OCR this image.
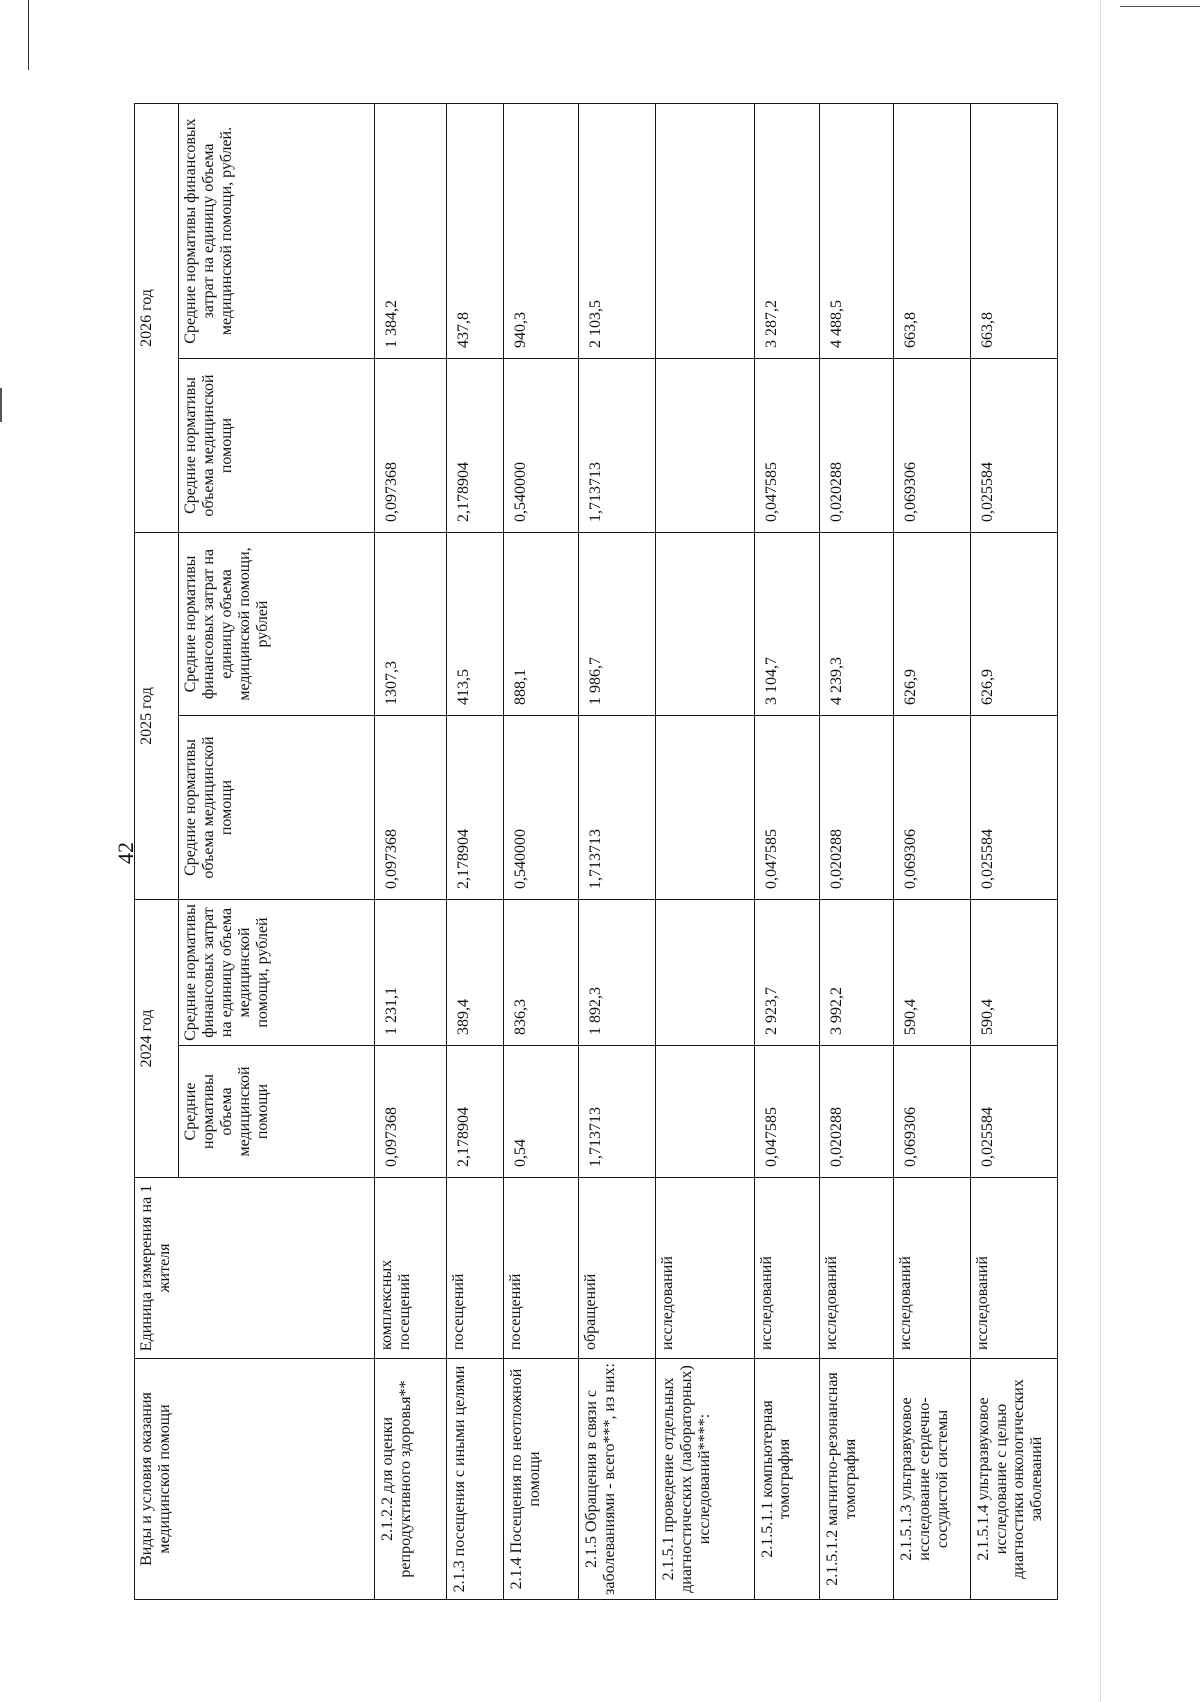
42
Виды и условия оказания медицинской помощи	Единица измерения на 1 жителя	2024 год		2025 год		2026 год	
		Средние нормативы объема медицинской помощи	Средние нормативы финансовых затрат на единицу объема медицинской помощи, рублей	Средние нормативы объема медицинской помощи	Средние нормативы финансовых затрат на единицу объема медицинской помощи, рублей	Средние нормативы объема медицинской помощи	Средние нормативы финансовых затрат на единицу объема медицинской помощи, рублей.
2.1.2.2 для оценки репродуктивного здоровья**	комплексных посещений	0,097368	1 231,1	0,097368	1307,3	0,097368	1 384,2
2.1.3 посещения с иными целями	посещений	2,178904	389,4	2,178904	413,5	2,178904	437,8
2.1.4 Посещения по неотложной помощи	посещений	0,54	836,3	0,540000	888,1	0,540000	940,3
2.1.5 Обращения в связи с заболеваниями - всего***, из них:	обращений	1,713713	1 892,3	1,713713	1 986,7	1,713713	2 103,5
2.1.5.1 проведение отдельных диагностических (лабораторных) исследований****:	исследований						
2.1.5.1.1 компьютерная томография	исследований	0,047585	2 923,7	0,047585	3 104,7	0,047585	3 287,2
2.1.5.1.2 магнитно-резонансная томография	исследований	0,020288	3 992,2	0,020288	4 239,3	0,020288	4 488,5
2.1.5.1.3 ультразвуковое исследование сердечно-сосудистой системы	исследований	0,069306	590,4	0,069306	626,9	0,069306	663,8
2.1.5.1.4 ультразвуковое исследование с целью диагностики онкологических заболеваний	исследований	0,025584	590,4	0,025584	626,9	0,025584	663,8
